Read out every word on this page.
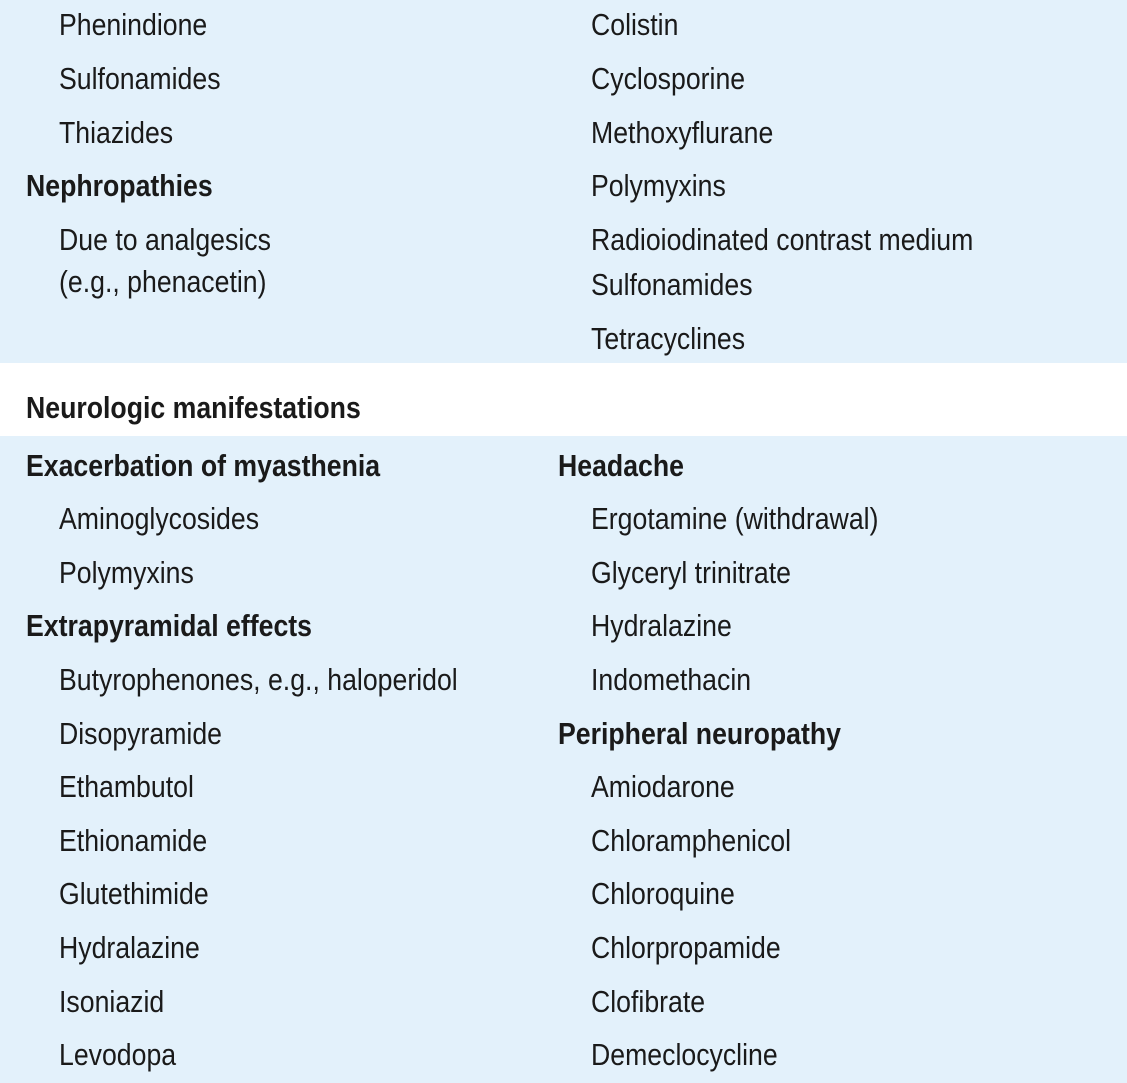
Phenindione
Sulfonamides
Thiazides
Nephropathies
Due to analgesics
(e.g., phenacetin)
Colistin
Cyclosporine
Methoxyflurane
Polymyxins
Radioiodinated contrast medium
Sulfonamides
Tetracyclines
Neurologic manifestations
Exacerbation of myasthenia
Aminoglycosides
Polymyxins
Extrapyramidal effects
Butyrophenones, e.g., haloperidol
Disopyramide
Ethambutol
Ethionamide
Glutethimide
Hydralazine
Isoniazid
Levodopa
Headache
Ergotamine (withdrawal)
Glyceryl trinitrate
Hydralazine
Indomethacin
Peripheral neuropathy
Amiodarone
Chloramphenicol
Chloroquine
Chlorpropamide
Clofibrate
Demeclocycline
